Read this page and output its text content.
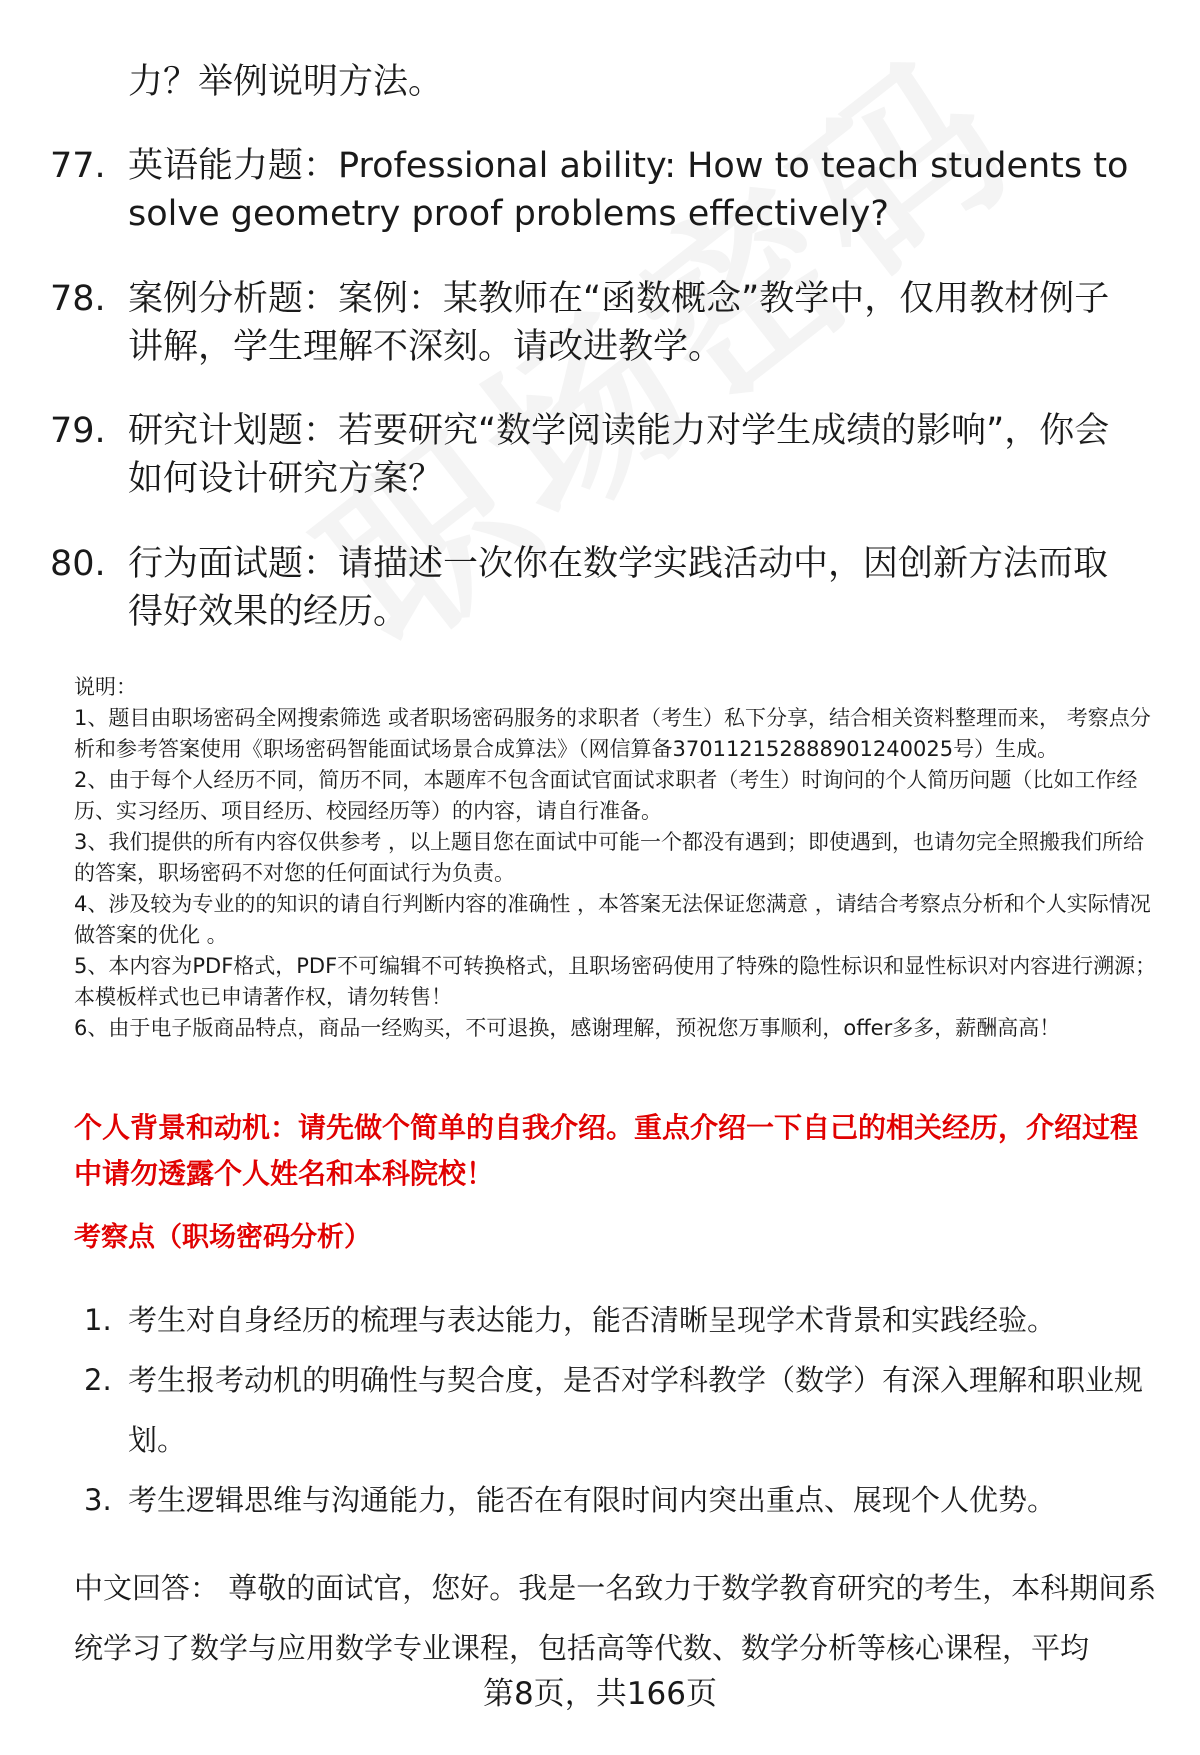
力？举例说明方法。
77. 英语能力题：Professional ability: How to teach students to solve geometry proof problems effectively?
78. 案例分析题：案例：某教师在“函数概念”教学中，仅用教材例子讲解，学生理解不深刻。请改进教学。
79. 研究计划题：若要研究“数学阅读能力对学生成绩的影响”，你会如何设计研究方案？
80. 行为面试题：请描述一次你在数学实践活动中，因创新方法而取得好效果的经历。
说明：
1、题目由职场密码全网搜索筛选 或者职场密码服务的求职者（考生）私下分享，结合相关资料整理而来， 考察点分析和参考答案使用《职场密码智能面试场景合成算法》（网信算备370112152888901240025号）生成。
2、由于每个人经历不同，简历不同，本题库不包含面试官面试求职者（考生）时询问的个人简历问题（比如工作经历、实习经历、项目经历、校园经历等）的内容，请自行准备。
3、我们提供的所有内容仅供参考 ，以上题目您在面试中可能一个都没有遇到；即使遇到，也请勿完全照搬我们所给的答案，职场密码不对您的任何面试行为负责。
4、涉及较为专业的的知识的请自行判断内容的准确性 ，本答案无法保证您满意 ，请结合考察点分析和个人实际情况做答案的优化 。
5、本内容为PDF格式，PDF不可编辑不可转换格式，且职场密码使用了特殊的隐性标识和显性标识对内容进行溯源；本模板样式也已申请著作权，请勿转售！
6、由于电子版商品特点，商品一经购买，不可退换，感谢理解，预祝您万事顺利，offer多多，薪酬高高！
个人背景和动机：请先做个简单的自我介绍。重点介绍一下自己的相关经历，介绍过程中请勿透露个人姓名和本科院校！
考察点（职场密码分析）
1. 考生对自身经历的梳理与表达能力，能否清晰呈现学术背景和实践经验。
2. 考生报考动机的明确性与契合度，是否对学科教学（数学）有深入理解和职业规划。
3. 考生逻辑思维与沟通能力，能否在有限时间内突出重点、展现个人优势。
中文回答： 尊敬的面试官，您好。我是一名致力于数学教育研究的考生，本科期间系统学习了数学与应用数学专业课程，包括高等代数、数学分析等核心课程，平均
第8页，共166页
